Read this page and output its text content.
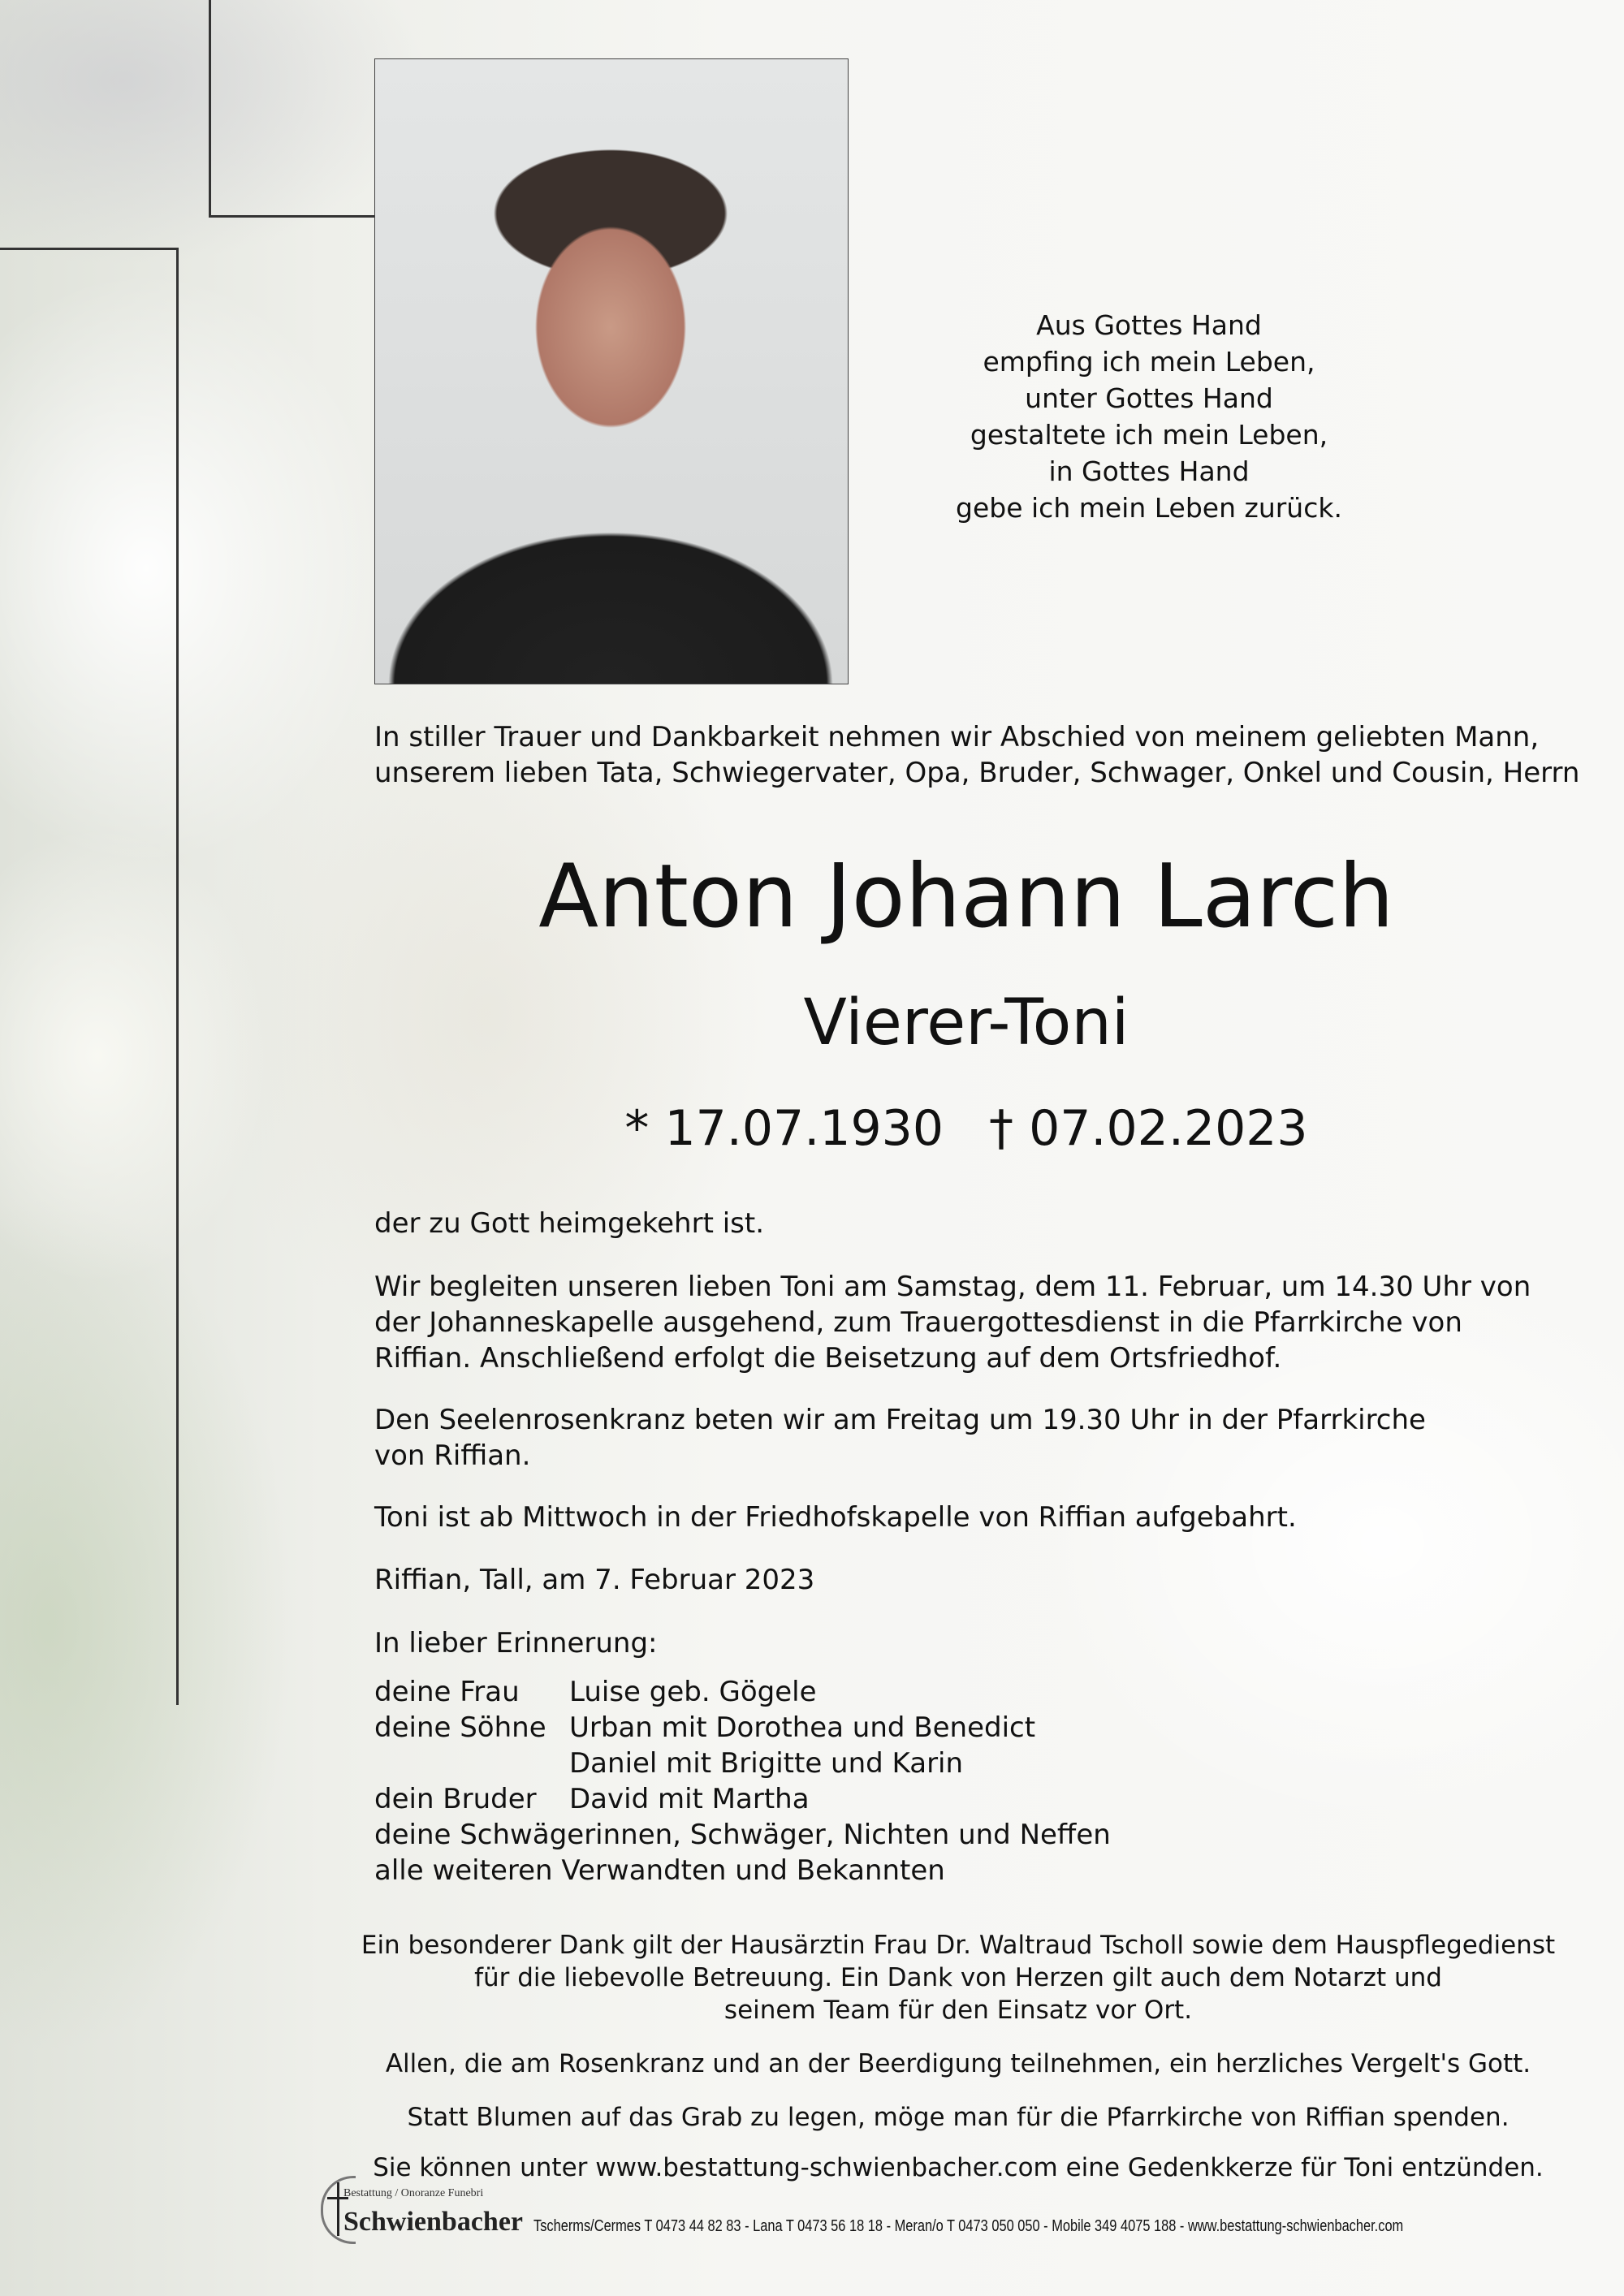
Aus Gottes Hand
empfing ich mein Leben,
unter Gottes Hand
gestaltete ich mein Leben,
in Gottes Hand
gebe ich mein Leben zurück.
In stiller Trauer und Dankbarkeit nehmen wir Abschied von meinem geliebten Mann,
unserem lieben Tata, Schwiegervater, Opa, Bruder, Schwager, Onkel und Cousin, Herrn
Anton Johann Larch
Vierer-Toni
* 17.07.1930 † 07.02.2023
der zu Gott heimgekehrt ist.
Wir begleiten unseren lieben Toni am Samstag, dem 11. Februar, um 14.30 Uhr von der Johanneskapelle ausgehend, zum Trauergottesdienst in die Pfarrkirche von Riffian. Anschließend erfolgt die Beisetzung auf dem Ortsfriedhof.
Den Seelenrosenkranz beten wir am Freitag um 19.30 Uhr in der Pfarrkirche von Riffian.
Toni ist ab Mittwoch in der Friedhofskapelle von Riffian aufgebahrt.
Riffian, Tall, am 7. Februar 2023
In lieber Erinnerung:
deine Frau	Luise geb. Gögele
deine Söhne Urban mit Dorothea und Benedict
Daniel mit Brigitte und Karin
dein Bruder	David mit Martha
deine Schwägerinnen, Schwäger, Nichten und Neffen
alle weiteren Verwandten und Bekannten
Ein besonderer Dank gilt der Hausärztin Frau Dr. Waltraud Tscholl sowie dem Hauspflegedienst
für die liebevolle Betreuung. Ein Dank von Herzen gilt auch dem Notarzt und
seinem Team für den Einsatz vor Ort.
Allen, die am Rosenkranz und an der Beerdigung teilnehmen, ein herzliches Vergelt's Gott.
Statt Blumen auf das Grab zu legen, möge man für die Pfarrkirche von Riffian spenden.
Sie können unter www.bestattung-schwienbacher.com eine Gedenkkerze für Toni entzünden.
Bestattung / Onoranze Funebri
Schwienbacher Tscherms/Cermes T 0473 44 82 83 - Lana T 0473 56 18 18 - Meran/o T 0473 050 050 - Mobile 349 4075 188 - www.bestattung-schwienbacher.com
